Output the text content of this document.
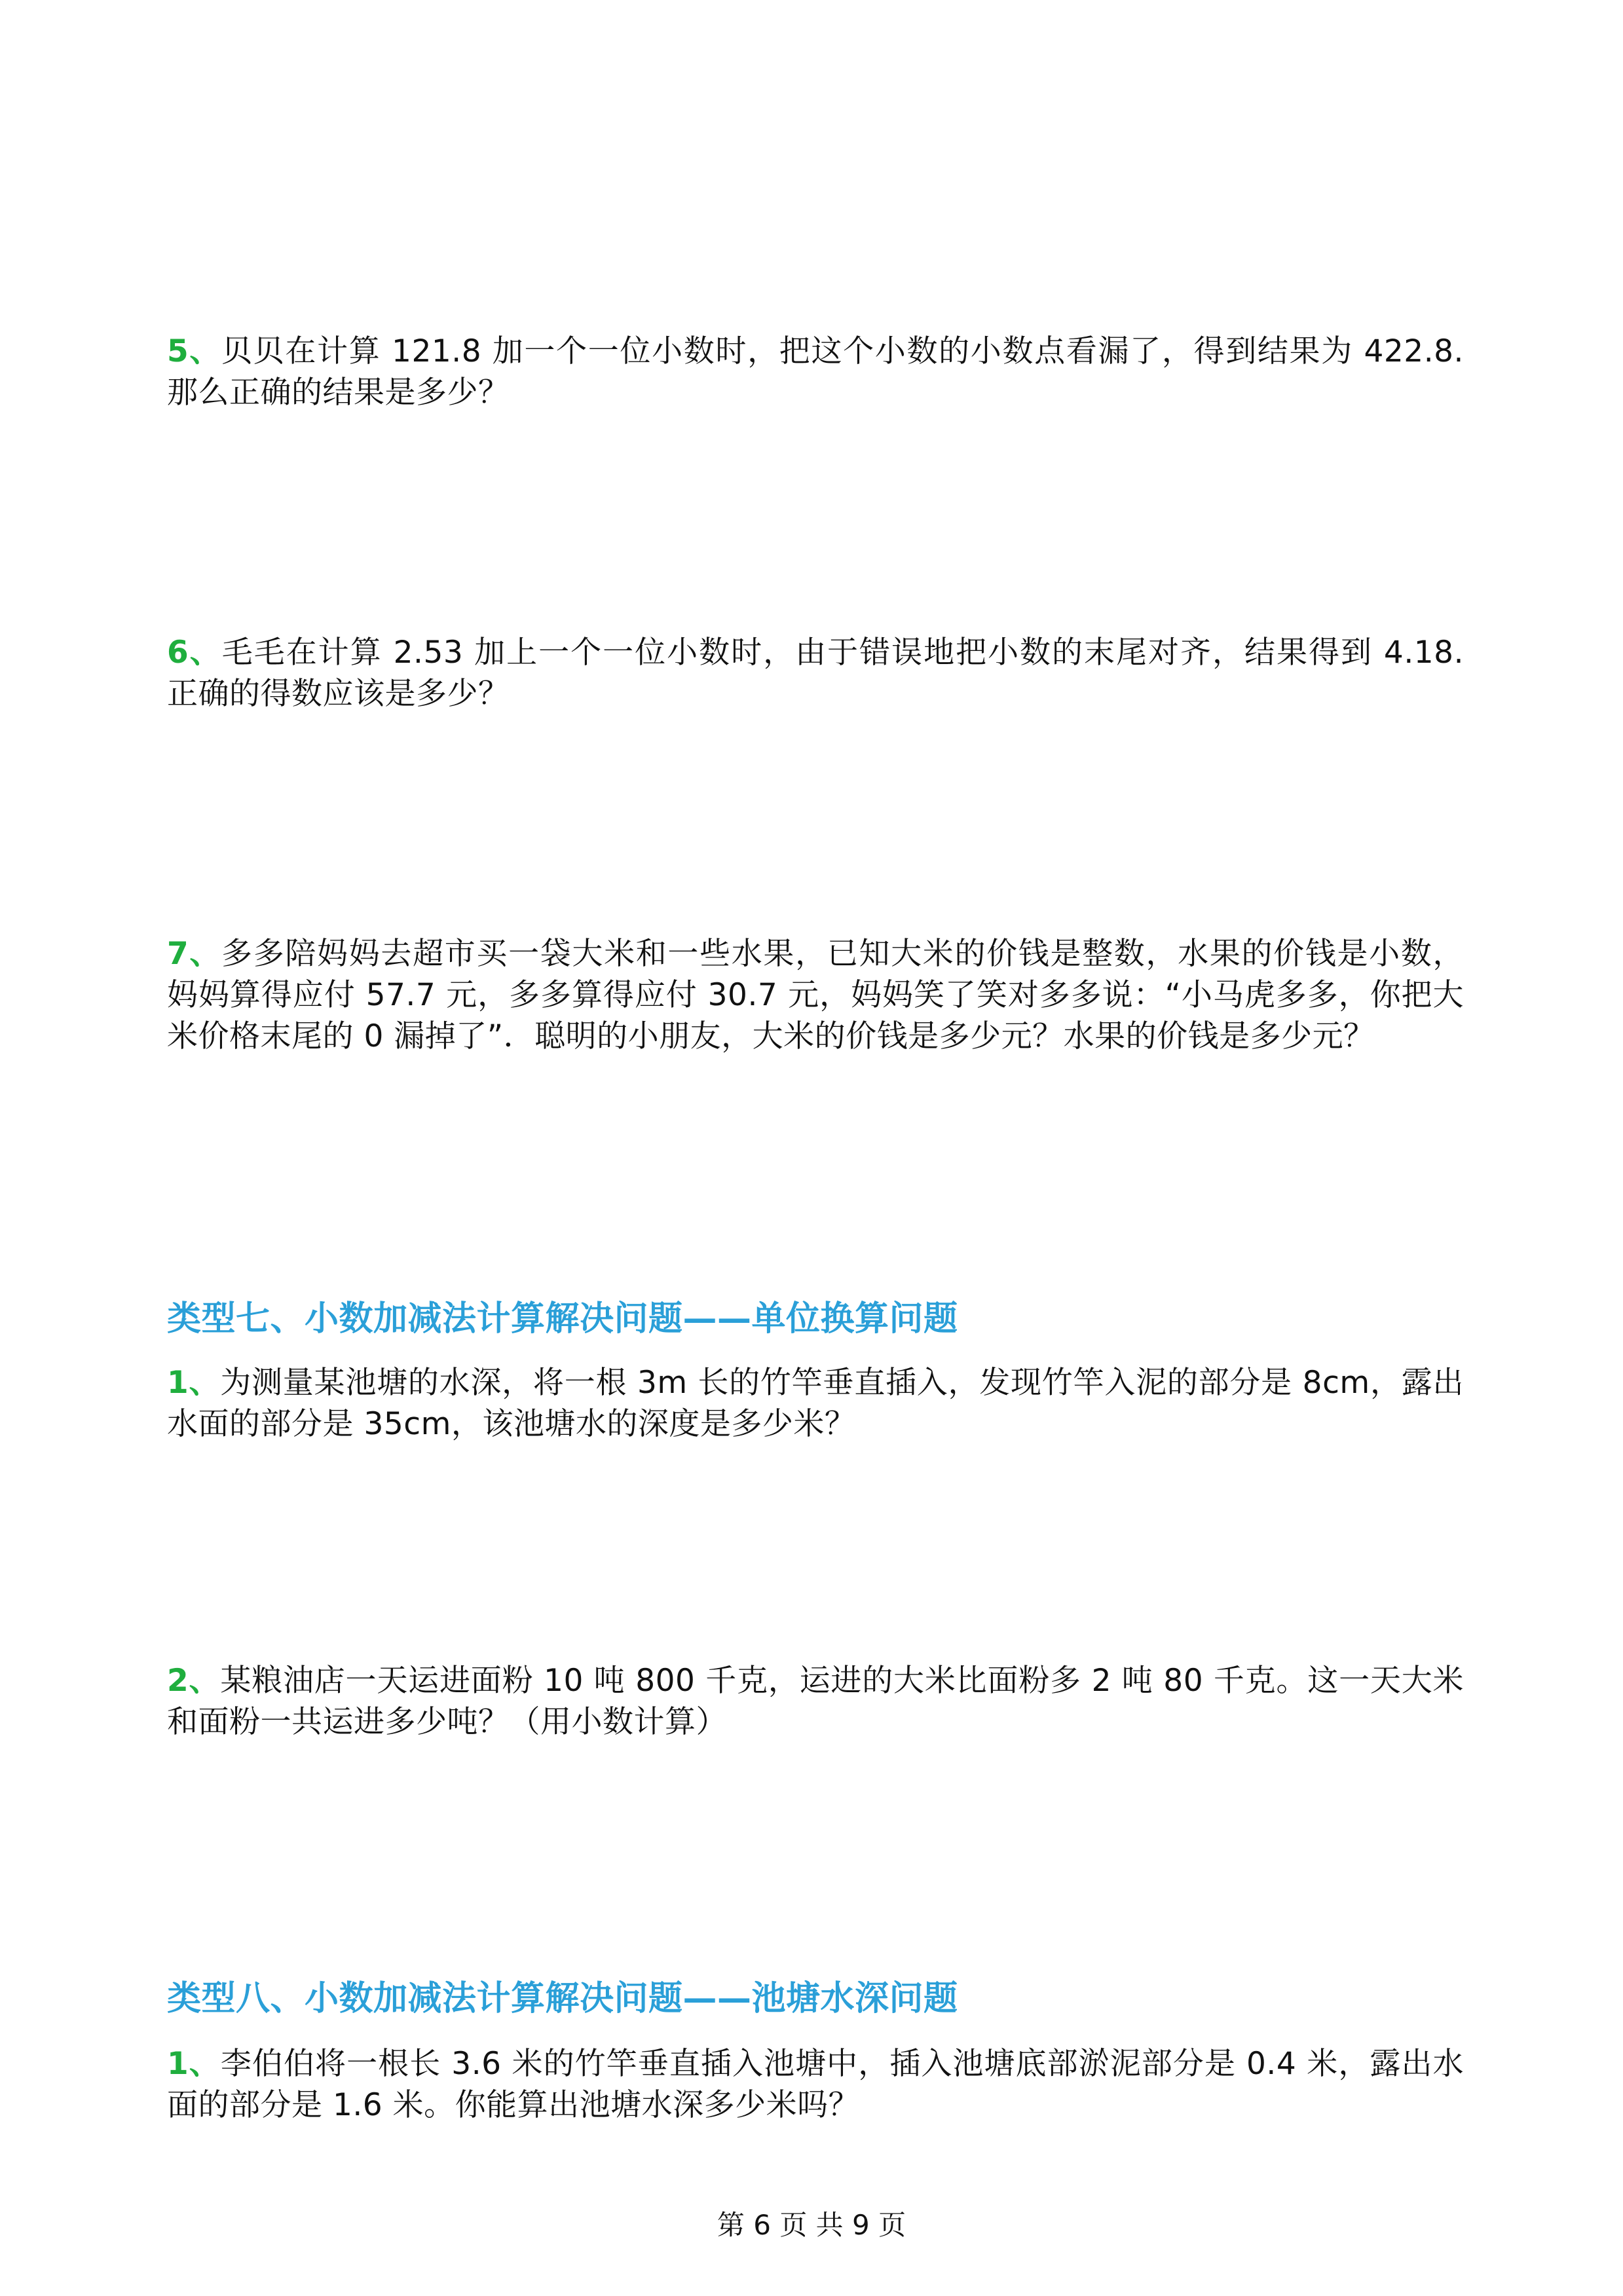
5、贝贝在计算 121.8 加一个一位小数时，把这个小数的小数点看漏了，得到结果为 422.8. 那么正确的结果是多少？
6、毛毛在计算 2.53 加上一个一位小数时，由于错误地把小数的末尾对齐，结果得到 4.18. 正确的得数应该是多少？
7、多多陪妈妈去超市买一袋大米和一些水果，已知大米的价钱是整数，水果的价钱是小数，妈妈算得应付 57.7 元，多多算得应付 30.7 元，妈妈笑了笑对多多说：“小马虎多多，你把大米价格末尾的 0 漏掉了”．聪明的小朋友，大米的价钱是多少元？水果的价钱是多少元？
类型七、小数加减法计算解决问题——单位换算问题
1、为测量某池塘的水深，将一根 3m 长的竹竿垂直插入，发现竹竿入泥的部分是 8cm，露出水面的部分是 35cm，该池塘水的深度是多少米？
2、某粮油店一天运进面粉 10 吨 800 千克，运进的大米比面粉多 2 吨 80 千克。这一天大米和面粉一共运进多少吨？（用小数计算）
类型八、小数加减法计算解决问题——池塘水深问题
1、李伯伯将一根长 3.6 米的竹竿垂直插入池塘中，插入池塘底部淤泥部分是 0.4 米，露出水面的部分是 1.6 米。你能算出池塘水深多少米吗？
第 6 页 共 9 页
